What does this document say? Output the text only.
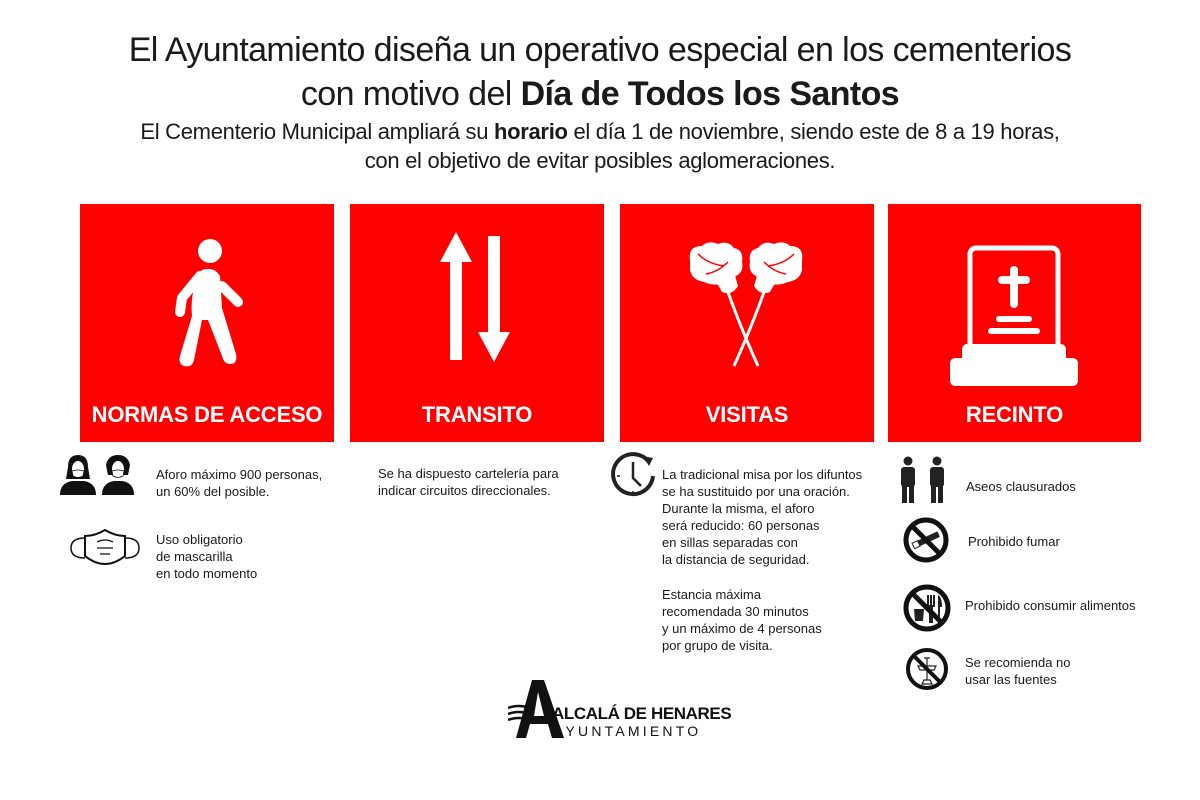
El Ayuntamiento diseña un operativo especial en los cementerios
con motivo del Día de Todos los Santos
El Cementerio Municipal ampliará su horario el día 1 de noviembre, siendo este de 8 a 19 horas,
con el objetivo de evitar posibles aglomeraciones.
NORMAS DE ACCESO	TRANSITO	VISITAS	RECINTO
Aforo máximo 900 personas,
un 60% del posible.
Uso obligatorio
de mascarilla
en todo momento
Se ha dispuesto cartelería para
indicar circuitos direccionales.
La tradicional misa por los difuntos
se ha sustituido por una oración.
Durante la misma, el aforo
será reducido: 60 personas
en sillas separadas con
la distancia de seguridad.
Estancia máxima
recomendada 30 minutos
y un máximo de 4 personas
por grupo de visita.
Aseos clausurados
Prohibido fumar
Prohibido consumir alimentos
Se recomienda no
usar las fuentes
ALCALÁ DE HENARES
AYUNTAMIENTO
